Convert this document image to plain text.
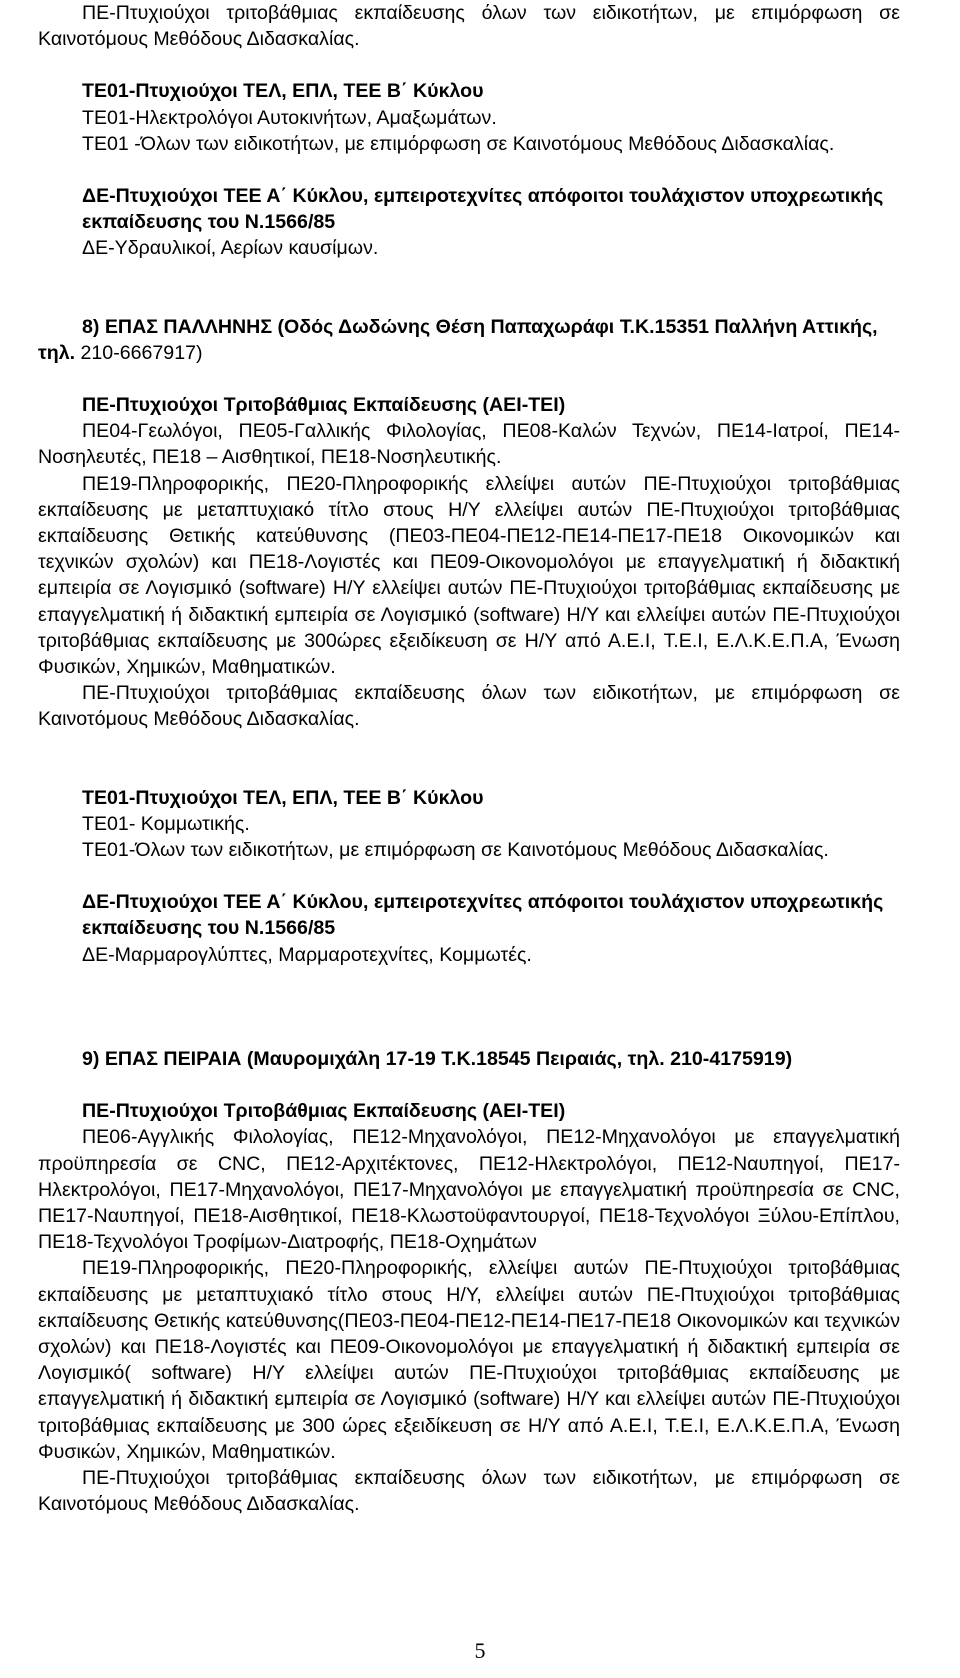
ΠΕ-Πτυχιούχοι τριτοβάθμιας εκπαίδευσης όλων των ειδικοτήτων, με επιμόρφωση σε Καινοτόμους Μεθόδους Διδασκαλίας.

ΤΕ01-Πτυχιούχοι ΤΕΛ, ΕΠΛ, ΤΕΕ Β΄ Κύκλου

ΤΕ01-Ηλεκτρολόγοι Αυτοκινήτων, Αμαξωμάτων.

ΤΕ01 -Όλων των ειδικοτήτων, με επιμόρφωση σε Καινοτόμους Μεθόδους Διδασκαλίας.

ΔΕ-Πτυχιούχοι ΤΕΕ Α΄ Κύκλου, εμπειροτεχνίτες απόφοιτοι τουλάχιστον υποχρεωτικής εκπαίδευσης του Ν.1566/85

ΔΕ-Υδραυλικοί, Αερίων καυσίμων.

8) ΕΠΑΣ ΠΑΛΛΗΝΗΣ (Οδός Δωδώνης Θέση Παπαχωράφι Τ.Κ.15351 Παλλήνη Αττικής, τηλ. 210-6667917)

ΠΕ-Πτυχιούχοι Τριτοβάθμιας Εκπαίδευσης (ΑΕΙ-ΤΕΙ)

ΠΕ04-Γεωλόγοι, ΠΕ05-Γαλλικής Φιλολογίας, ΠΕ08-Καλών Τεχνών, ΠΕ14-Ιατροί, ΠΕ14-Νοσηλευτές, ΠΕ18 – Αισθητικοί, ΠΕ18-Νοσηλευτικής.

ΠΕ19-Πληροφορικής, ΠΕ20-Πληροφορικής ελλείψει αυτών ΠΕ-Πτυχιούχοι τριτοβάθμιας εκπαίδευσης με μεταπτυχιακό τίτλο στους Η/Υ ελλείψει αυτών ΠΕ-Πτυχιούχοι τριτοβάθμιας εκπαίδευσης Θετικής κατεύθυνσης (ΠΕ03-ΠΕ04-ΠΕ12-ΠΕ14-ΠΕ17-ΠΕ18 Οικονομικών και τεχνικών σχολών) και ΠΕ18-Λογιστές και ΠΕ09-Οικονομολόγοι με επαγγελματική ή διδακτική εμπειρία σε Λογισμικό (software) Η/Υ ελλείψει αυτών ΠΕ-Πτυχιούχοι τριτοβάθμιας εκπαίδευσης με επαγγελματική ή διδακτική εμπειρία σε Λογισμικό (software) Η/Υ και ελλείψει αυτών ΠΕ-Πτυχιούχοι τριτοβάθμιας εκπαίδευσης με 300ώρες εξειδίκευση σε Η/Υ από Α.Ε.Ι, Τ.Ε.Ι, Ε.Λ.Κ.Ε.Π.Α, Ένωση Φυσικών, Χημικών, Μαθηματικών.

ΠΕ-Πτυχιούχοι τριτοβάθμιας εκπαίδευσης όλων των ειδικοτήτων, με επιμόρφωση σε Καινοτόμους Μεθόδους Διδασκαλίας.

ΤΕ01-Πτυχιούχοι ΤΕΛ, ΕΠΛ, ΤΕΕ Β΄ Κύκλου

ΤΕ01- Κομμωτικής.

ΤΕ01-Όλων των ειδικοτήτων, με επιμόρφωση σε Καινοτόμους Μεθόδους Διδασκαλίας.

ΔΕ-Πτυχιούχοι ΤΕΕ Α΄ Κύκλου, εμπειροτεχνίτες απόφοιτοι τουλάχιστον υποχρεωτικής εκπαίδευσης του Ν.1566/85

ΔΕ-Μαρμαρογλύπτες, Μαρμαροτεχνίτες, Κομμωτές.

9) ΕΠΑΣ ΠΕΙΡΑΙΑ (Μαυρομιχάλη 17-19 Τ.Κ.18545 Πειραιάς, τηλ. 210-4175919)

ΠΕ-Πτυχιούχοι Τριτοβάθμιας Εκπαίδευσης (ΑΕΙ-ΤΕΙ)

ΠΕ06-Αγγλικής Φιλολογίας, ΠΕ12-Μηχανολόγοι, ΠΕ12-Μηχανολόγοι με επαγγελματική προϋπηρεσία σε CNC, ΠΕ12-Αρχιτέκτονες, ΠΕ12-Ηλεκτρολόγοι, ΠΕ12-Ναυπηγοί, ΠΕ17-Ηλεκτρολόγοι, ΠΕ17-Μηχανολόγοι, ΠΕ17-Μηχανολόγοι με επαγγελματική προϋπηρεσία σε CNC, ΠΕ17-Ναυπηγοί, ΠΕ18-Αισθητικοί, ΠΕ18-Κλωστοϋφαντουργοί, ΠΕ18-Τεχνολόγοι Ξύλου-Επίπλου, ΠΕ18-Τεχνολόγοι Τροφίμων-Διατροφής, ΠΕ18-Οχημάτων

ΠΕ19-Πληροφορικής, ΠΕ20-Πληροφορικής, ελλείψει αυτών ΠΕ-Πτυχιούχοι τριτοβάθμιας εκπαίδευσης με μεταπτυχιακό τίτλο στους Η/Υ, ελλείψει αυτών ΠΕ-Πτυχιούχοι τριτοβάθμιας εκπαίδευσης Θετικής κατεύθυνσης(ΠΕ03-ΠΕ04-ΠΕ12-ΠΕ14-ΠΕ17-ΠΕ18 Οικονομικών και τεχνικών σχολών) και ΠΕ18-Λογιστές και ΠΕ09-Οικονομολόγοι με επαγγελματική ή διδακτική εμπειρία σε Λογισμικό( software) Η/Υ ελλείψει αυτών ΠΕ-Πτυχιούχοι τριτοβάθμιας εκπαίδευσης με επαγγελματική ή διδακτική εμπειρία σε Λογισμικό (software) Η/Υ και ελλείψει αυτών ΠΕ-Πτυχιούχοι τριτοβάθμιας εκπαίδευσης με 300 ώρες εξειδίκευση σε Η/Υ από Α.Ε.Ι, Τ.Ε.Ι, Ε.Λ.Κ.Ε.Π.Α, Ένωση Φυσικών, Χημικών, Μαθηματικών.

ΠΕ-Πτυχιούχοι τριτοβάθμιας εκπαίδευσης όλων των ειδικοτήτων, με επιμόρφωση σε Καινοτόμους Μεθόδους Διδασκαλίας.

5
